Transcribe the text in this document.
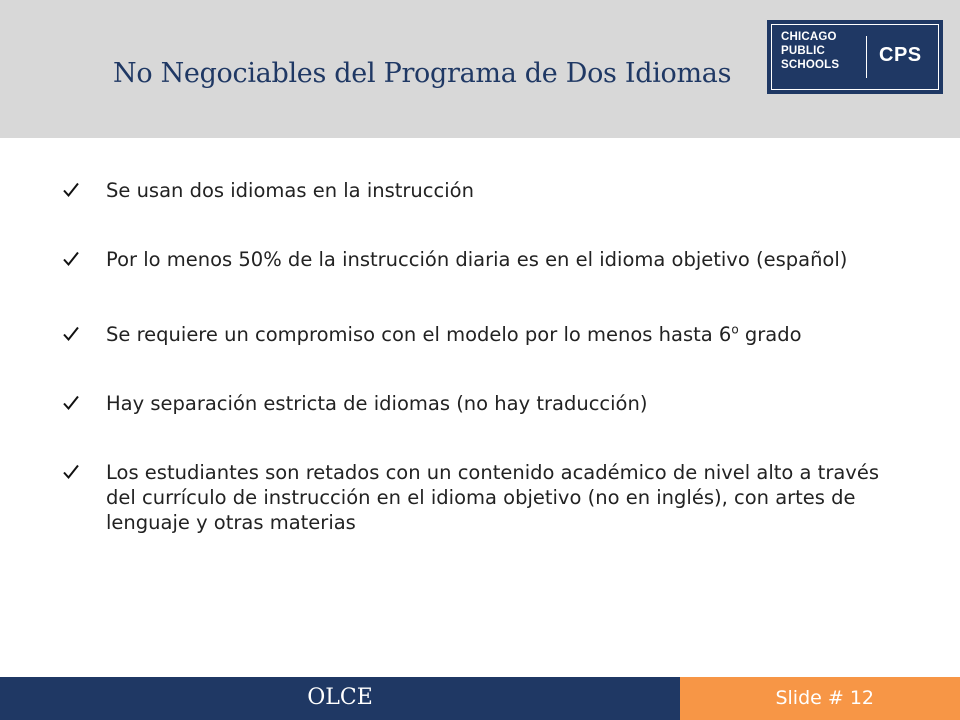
No Negociables del Programa de Dos Idiomas
CHICAGO
PUBLIC
SCHOOLS	CPS
Se usan dos idiomas en la instrucción
Por lo menos 50% de la instrucción diaria es en el idioma objetivo (español)
Se requiere un compromiso con el modelo por lo menos hasta 6$^o$ grado
Hay separación estricta de idiomas (no hay traducción)
Los estudiantes son retados con un contenido académico de nivel alto a través del currículo de instrucción en el idioma objetivo (no en inglés), con artes de lenguaje y otras materias
OLCE	Slide # 12
